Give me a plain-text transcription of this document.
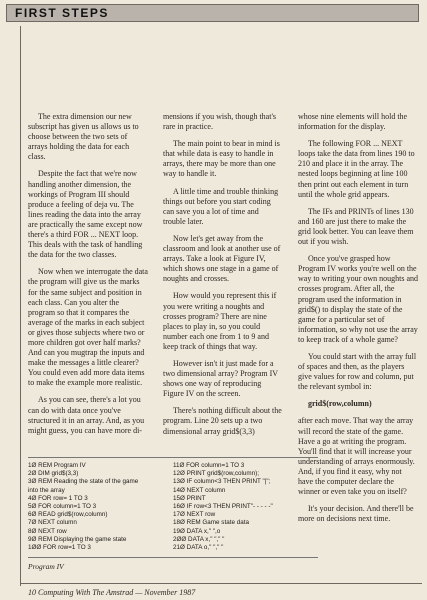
FIRST STEPS

The extra dimension our new subscript has given us allows us to choose between the two sets of arrays holding the data for each class.

Despite the fact that we're now handling another dimension, the workings of Program III should produce a feeling of deja vu. The lines reading the data into the array are practically the same except now there's a third FOR ... NEXT loop. This deals with the task of handling the data for the two classes.

Now when we interrogate the data the program will give us the marks for the same subject and position in each class. Can you alter the program so that it compares the average of the marks in each subject or gives those subjects where two or more children got over half marks? And can you mugtrap the inputs and make the messages a little clearer? You could even add more data items to make the example more realistic.

As you can see, there's a lot you can do with data once you've structured it in an array. And, as you might guess, you can have more di-

mensions if you wish, though that's rare in practice.

The main point to bear in mind is that while data is easy to handle in arrays, there may be more than one way to handle it.

A little time and trouble thinking things out before you start coding can save you a lot of time and trouble later.

Now let's get away from the classroom and look at another use of arrays. Take a look at Figure IV, which shows one stage in a game of noughts and crosses.

How would you represent this if you were writing a noughts and crosses program? There are nine places to play in, so you could number each one from 1 to 9 and keep track of things that way.

However isn't it just made for a two dimensional array? Program IV shows one way of reproducing Figure IV on the screen.

There's nothing difficult about the program. Line 20 sets up a two dimensional array grid$(3,3)

whose nine elements will hold the information for the display.

The following FOR ... NEXT loops take the data from lines 190 to 210 and place it in the array. The nested loops beginning at line 100 then print out each element in turn until the whole grid appears.

The IFs and PRINTs of lines 130 and 160 are just there to make the grid look better. You can leave them out if you wish.

Once you've grasped how Program IV works you're well on the way to writing your own noughts and crosses program. After all, the program used the information in grid$() to display the state of the game for a particular set of information, so why not use the array to keep track of a whole game?

You could start with the array full of spaces and then, as the players give values for row and column, put the relevant symbol in:

grid$(row,column)

after each move. That way the array will record the state of the game. Have a go at writing the program. You'll find that it will increase your understanding of arrays enormously. And, if you find it easy, why not have the computer declare the winner or even take you on itself?

It's your decision. And there'll be more on decisions next time.

1Ø REM Program IV
2Ø DIM grid$(3,3)
3Ø REM Reading the state of the game
into the array
4Ø FOR row= 1 TO 3
5Ø FOR column=1 TO 3
6Ø READ grid$(row,column)
7Ø NEXT column
8Ø NEXT row
9Ø REM Displaying the game state
1ØØ FOR row=1 TO 3
11Ø FOR column=1 TO 3
12Ø PRINT grid$(row,column);
13Ø IF column<3 THEN PRINT "|";
14Ø NEXT column
15Ø PRINT
16Ø IF row<3 THEN PRINT"- - - - -"
17Ø NEXT row
18Ø REM Game state data
19Ø DATA x," ",o
2ØØ DATA x," "," "
21Ø DATA o," "," "
Program IV
10 Computing With The Amstrad — November 1987
